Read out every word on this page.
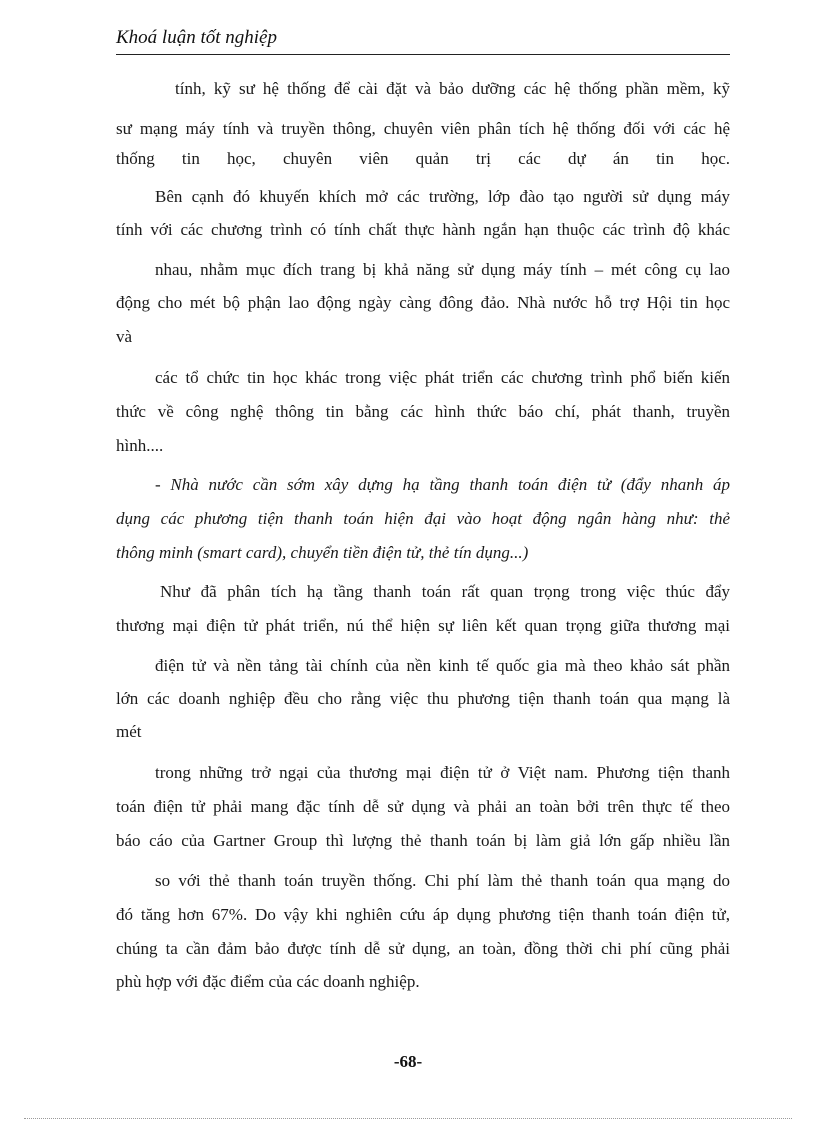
Khoá luận tốt nghiệp
tính, kỹ sư hệ thống để cài đặt và bảo dưỡng các hệ thống phần mềm, kỹ
sư mạng máy tính và truyền thông, chuyên viên phân tích hệ thống đối với các hệ
thống tin học, chuyên viên quản trị các dự án tin học.
Bên cạnh đó khuyến khích mở các trường, lớp đào tạo người sử dụng máy
tính với các chương trình có tính chất thực hành ngắn hạn thuộc các trình độ khác
nhau, nhằm mục đích trang bị khả năng sử dụng máy tính – mét công cụ lao
động cho mét bộ phận lao động ngày càng đông đảo. Nhà nước hỗ trợ Hội tin học
và
các tổ chức tin học khác trong việc phát triển các chương trình phổ biến kiến
thức về công nghệ thông tin bằng các hình thức báo chí, phát thanh, truyền
hình....
- Nhà nước cần sớm xây dựng hạ tầng thanh toán điện tử (đẩy nhanh áp
dụng các phương tiện thanh toán hiện đại vào hoạt động ngân hàng như: thẻ
thông minh (smart card), chuyển tiền điện tử, thẻ tín dụng...)
Như đã phân tích hạ tầng thanh toán rất quan trọng trong việc thúc đẩy
thương mại điện tử phát triển, nú thể hiện sự liên kết quan trọng giữa thương mại
điện tử và nền tảng tài chính của nền kinh tế quốc gia mà theo khảo sát phần
lớn các doanh nghiệp đều cho rằng việc thu phương tiện thanh toán qua mạng là
mét
trong những trở ngại của thương mại điện tử ở Việt nam. Phương tiện thanh
toán điện tử phải mang đặc tính dễ sử dụng và phải an toàn bởi trên thực tế theo
báo cáo của Gartner Group thì lượng thẻ thanh toán bị làm giả lớn gấp nhiều lần
so với thẻ thanh toán truyền thống. Chi phí làm thẻ thanh toán qua mạng do
đó tăng hơn 67%. Do vậy khi nghiên cứu áp dụng phương tiện thanh toán điện tử,
chúng ta cần đảm bảo được tính dễ sử dụng, an toàn, đồng thời chi phí cũng phải
phù hợp với đặc điểm của các doanh nghiệp.
-68-
